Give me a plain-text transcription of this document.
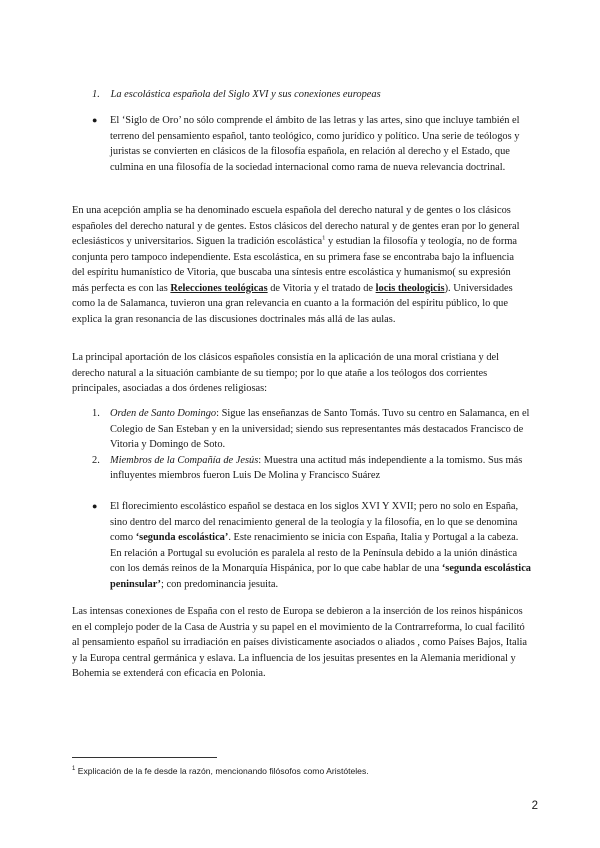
1. La escolástica española del Siglo XVI y sus conexiones europeas
●	El ‘Siglo de Oro’ no sólo comprende el ámbito de las letras y las artes, sino que incluye también el terreno del pensamiento español, tanto teológico, como jurídico y político. Una serie de teólogos y juristas se convierten en clásicos de la filosofía española, en relación al derecho y el Estado, que culmina en una filosofía de la sociedad internacional como rama de nueva relevancia doctrinal.

En una acepción amplia se ha denominado escuela española del derecho natural y de gentes o los clásicos españoles del derecho natural y de gentes. Estos clásicos del derecho natural y de gentes eran por lo general eclesiásticos y universitarios. Siguen la tradición escolástica$^1$ y estudian la filosofía y teología, no de forma conjunta pero tampoco independiente. Esta escolástica, en su primera fase se encontraba bajo la influencia del espíritu humanístico de Vitoria, que buscaba una síntesis entre escolástica y humanismo( su expresión más perfecta es con las Relecciones teológicas de Vitoria y el tratado de locis theologicis). Universidades como la de Salamanca, tuvieron una gran relevancia en cuanto a la formación del espíritu público, lo que explica la gran resonancia de las discusiones doctrinales más allá de las aulas.

La principal aportación de los clásicos españoles consistía en la aplicación de una moral cristiana y del derecho natural a la situación cambiante de su tiempo; por lo que atañe a los teólogos dos corrientes principales, asociadas a dos órdenes religiosas:

1. Orden de Santo Domingo: Sigue las enseñanzas de Santo Tomás. Tuvo su centro en Salamanca, en el Colegio de San Esteban y en la universidad; siendo sus representantes más destacados Francisco de Vitoria y Domingo de Soto.
2. Miembros de la Compañía de Jesús: Muestra una actitud más independiente a la tomismo. Sus más influyentes miembros fueron Luis De Molina y Francisco Suárez
●	El florecimiento escolástico español se destaca en los siglos XVI Y XVII; pero no solo en España, sino dentro del marco del renacimiento general de la teología y la filosofía, en lo que se denomina como ‘segunda escolástica’. Este renacimiento se inicia con España, Italia y Portugal a la cabeza. En relación a Portugal su evolución es paralela al resto de la Península debido a la unión dinástica con los demás reinos de la Monarquía Hispánica, por lo que cabe hablar de una ‘segunda escolástica peninsular’; con predominancia jesuita.

Las intensas conexiones de España con el resto de Europa se debieron a la inserción de los reinos hispánicos en el complejo poder de la Casa de Austria y su papel en el movimiento de la Contrarreforma, lo cual facilitó al pensamiento español su irradiación en países divisticamente asociados o aliados , como Países Bajos, Italia y la Europa central germánica y eslava. La influencia de los jesuitas presentes en la Alemania meridional y Bohemia se extenderá con eficacia en Polonia.

$^1$ Explicación de la fe desde la razón, mencionando filósofos como Aristóteles.
2
